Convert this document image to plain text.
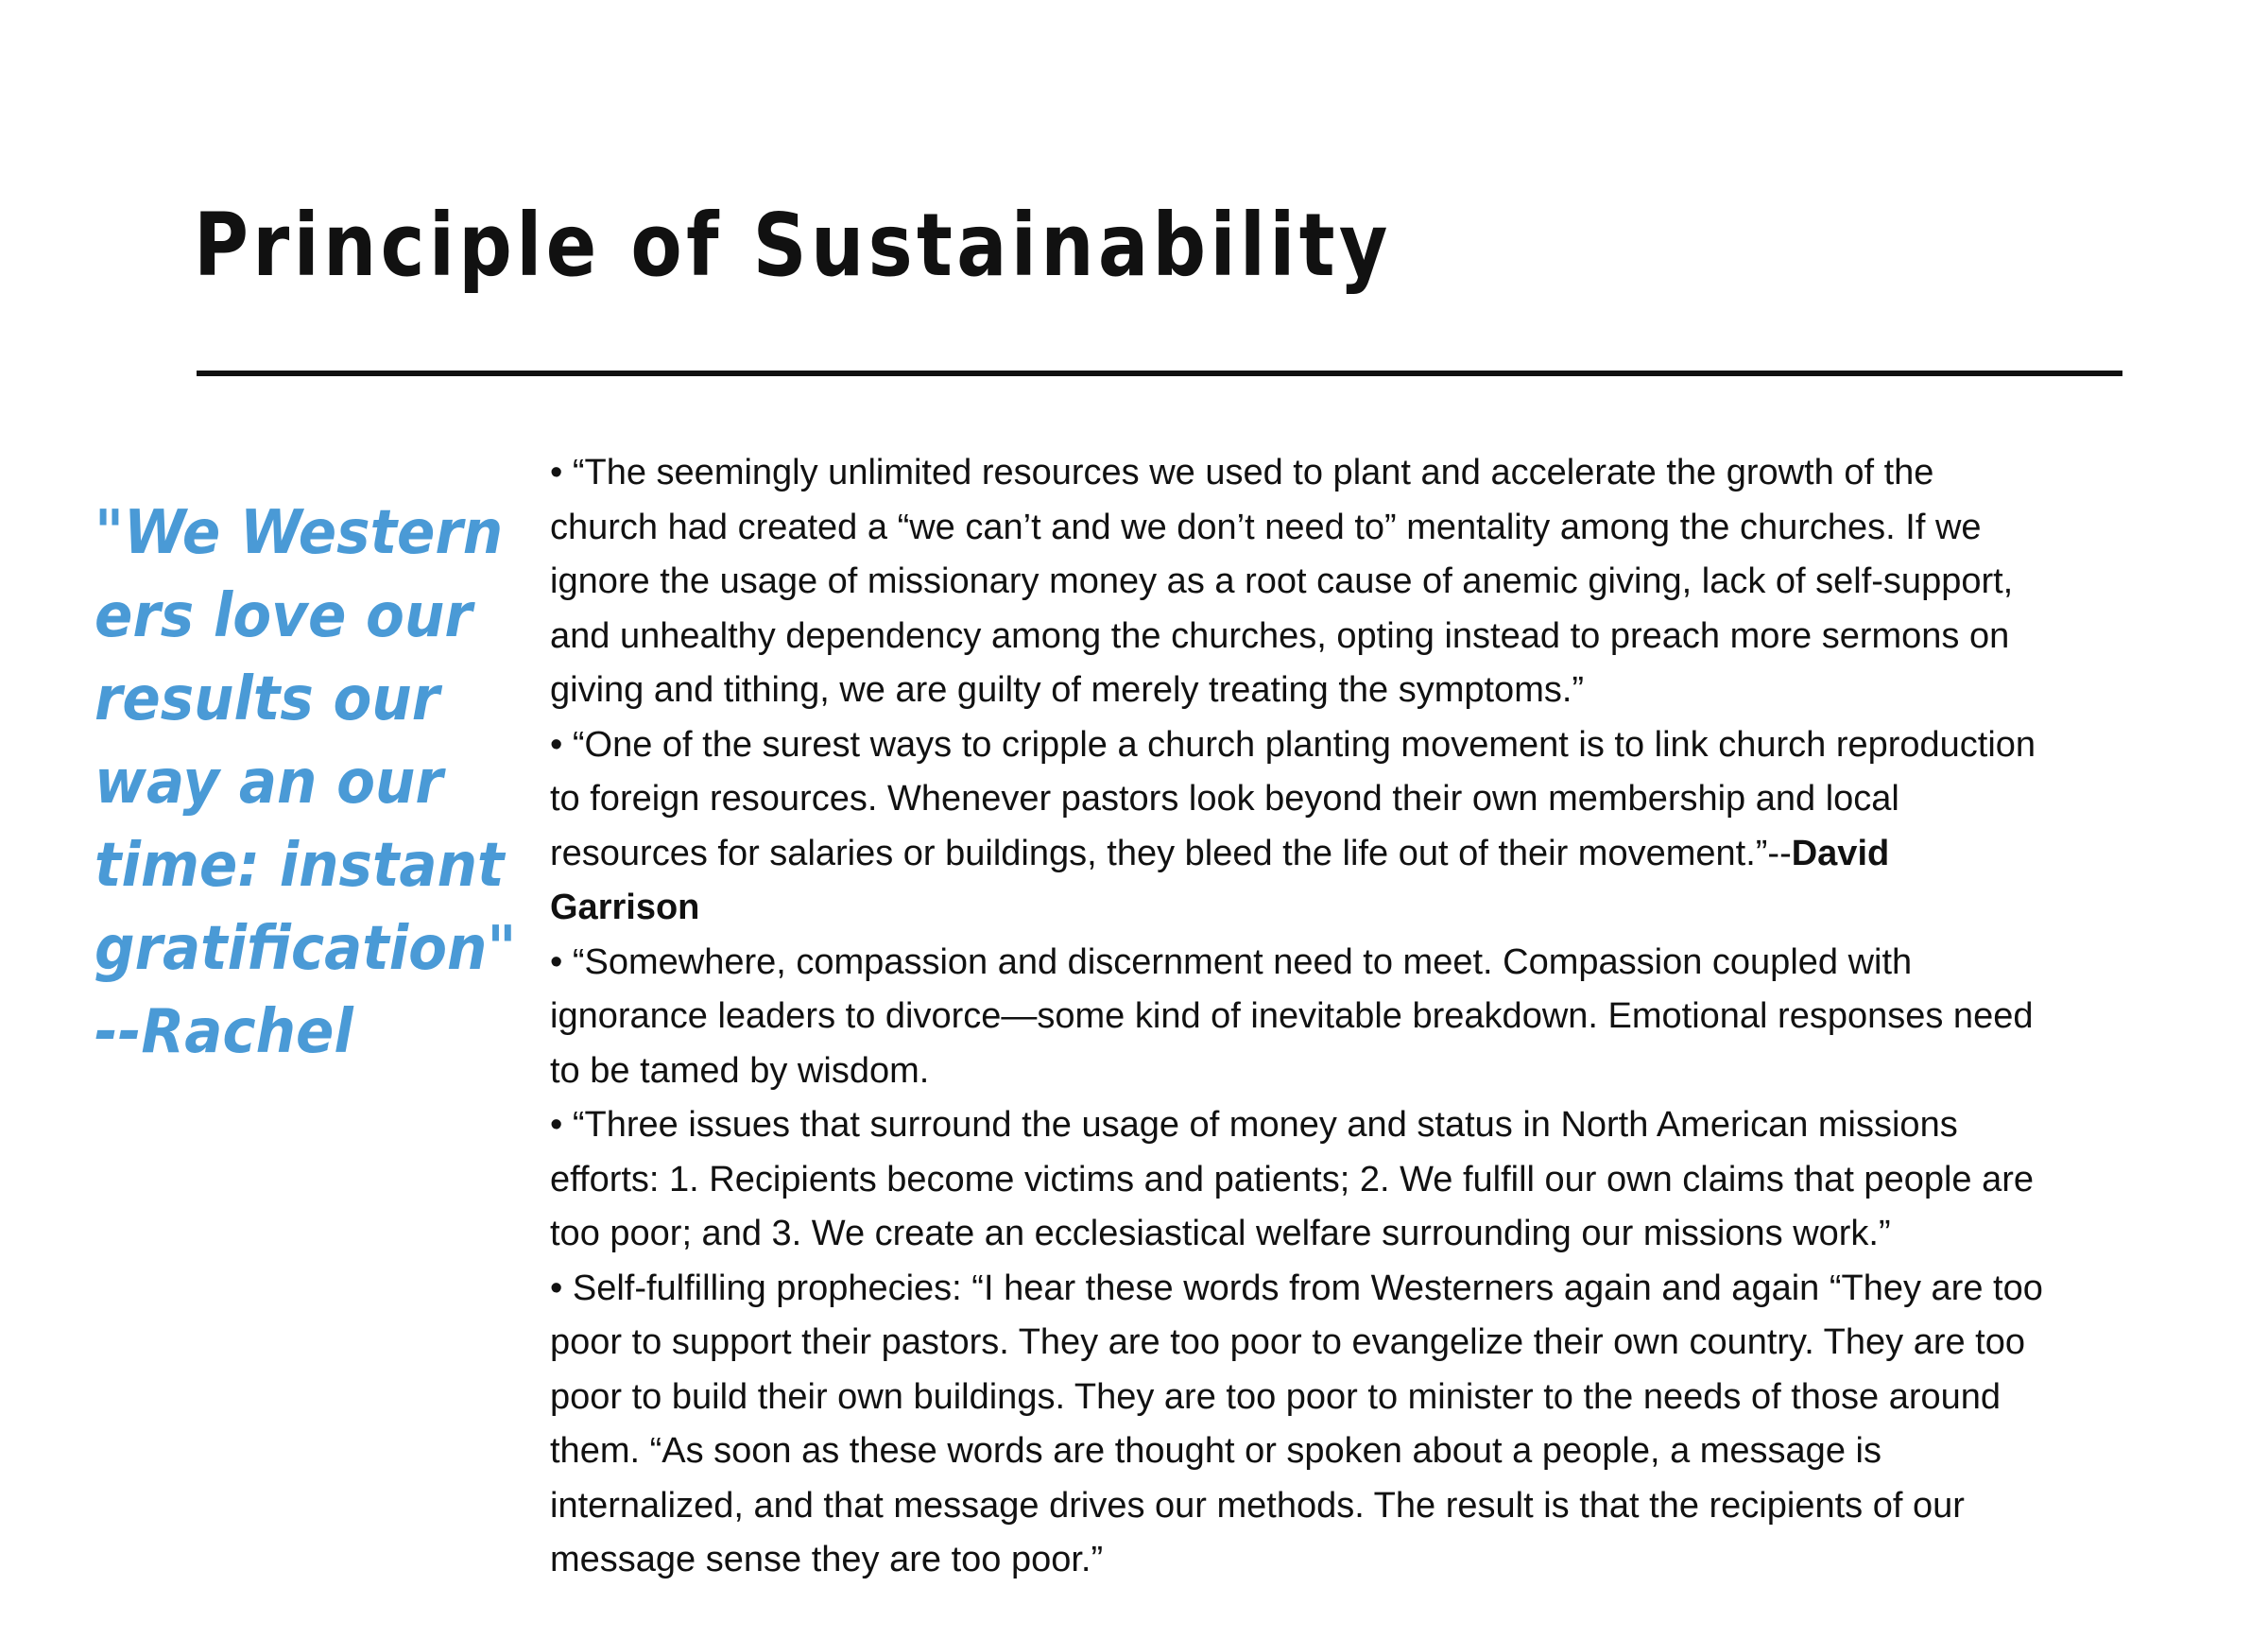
Principle of Sustainability
"We Western
ers love our
results our
way an our
time: instant
gratification"
--Rachel
• “The seemingly unlimited resources we used to plant and accelerate the growth of the
church had created a “we can’t and we don’t need to” mentality among the churches. If we
ignore the usage of missionary money as a root cause of anemic giving, lack of self-support,
and unhealthy dependency among the churches, opting instead to preach more sermons on
giving and tithing, we are guilty of merely treating the symptoms.”
• “One of the surest ways to cripple a church planting movement is to link church reproduction
to foreign resources. Whenever pastors look beyond their own membership and local
resources for salaries or buildings, they bleed the life out of their movement.”--David
Garrison
• “Somewhere, compassion and discernment need to meet. Compassion coupled with
ignorance leaders to divorce—some kind of inevitable breakdown. Emotional responses need
to be tamed by wisdom.
• “Three issues that surround the usage of money and status in North American missions
efforts: 1. Recipients become victims and patients; 2. We fulfill our own claims that people are
too poor; and 3. We create an ecclesiastical welfare surrounding our missions work.”
• Self-fulfilling prophecies: “I hear these words from Westerners again and again “They are too
poor to support their pastors. They are too poor to evangelize their own country. They are too
poor to build their own buildings. They are too poor to minister to the needs of those around
them. “As soon as these words are thought or spoken about a people, a message is
internalized, and that message drives our methods. The result is that the recipients of our
message sense they are too poor.”
